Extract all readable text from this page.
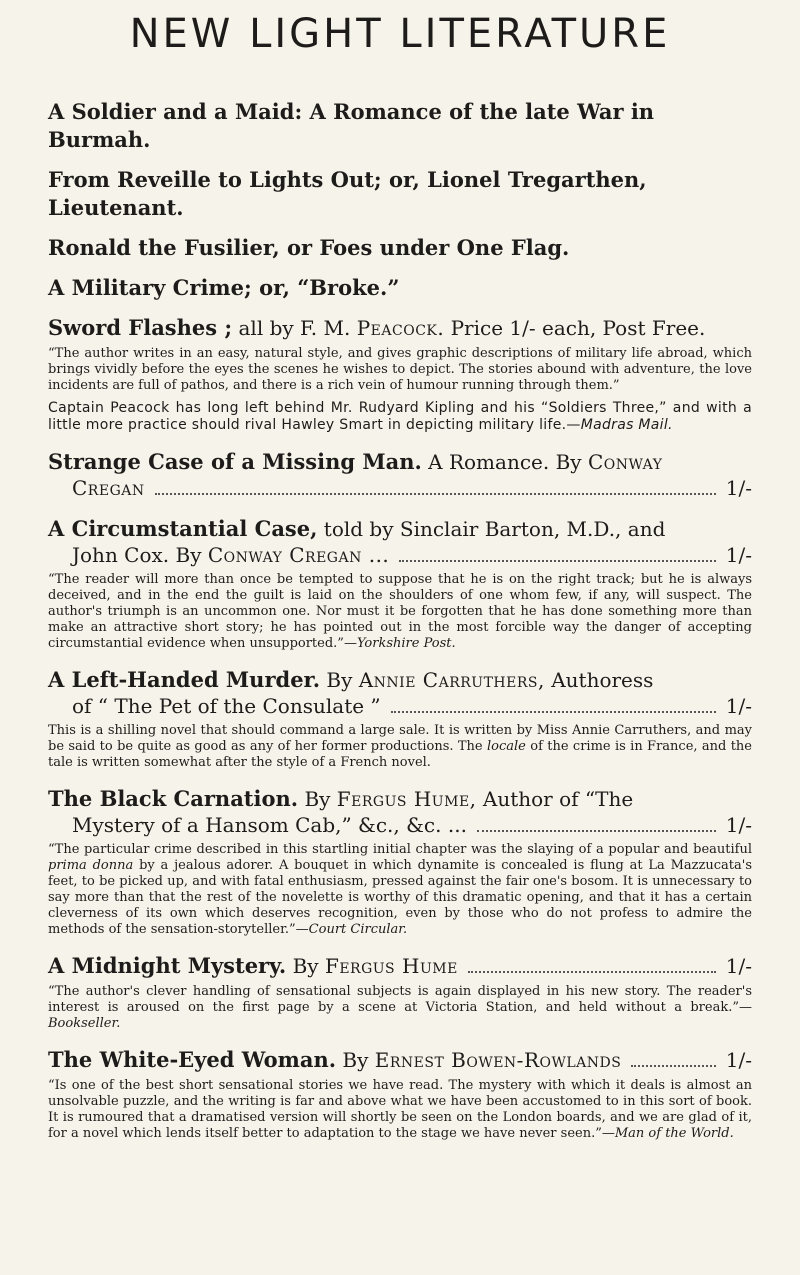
NEW LIGHT LITERATURE

A Soldier and a Maid: A Romance of the late War in Burmah.

From Reveille to Lights Out; or, Lionel Tregarthen, Lieutenant.

Ronald the Fusilier, or Foes under One Flag.

A Military Crime; or, “Broke.”

Sword Flashes ; all by F. M. Peacock. Price 1/- each, Post Free.

“The author writes in an easy, natural style, and gives graphic descriptions of military life abroad, which brings vividly before the eyes the scenes he wishes to depict. The stories abound with adventure, the love incidents are full of pathos, and there is a rich vein of humour running through them.”

Captain Peacock has long left behind Mr. Rudyard Kipling and his “Soldiers Three,” and with a little more practice should rival Hawley Smart in depicting military life.—Madras Mail.

Strange Case of a Missing Man. A Romance. By Conway
Cregan	1/-
A Circumstantial Case, told by Sinclair Barton, M.D., and
John Cox. By
Conway Cregan ...	1/-

“The reader will more than once be tempted to suppose that he is on the right track; but he is always deceived, and in the end the guilt is laid on the shoulders of one whom few, if any, will suspect. The author's triumph is an uncommon one. Nor must it be forgotten that he has done something more than make an attractive short story; he has pointed out in the most forcible way the danger of accepting circumstantial evidence when unsupported.”—Yorkshire Post.

A Left-Handed Murder. By Annie Carruthers, Authoress
of “ The Pet of the Consulate ”	1/-

This is a shilling novel that should command a large sale. It is written by Miss Annie Carruthers, and may be said to be quite as good as any of her former productions. The locale of the crime is in France, and the tale is written somewhat after the style of a French novel.

The Black Carnation. By Fergus Hume, Author of “The
Mystery of a Hansom Cab,” &c., &c. ...	1/-

“The particular crime described in this startling initial chapter was the slaying of a popular and beautiful prima donna by a jealous adorer. A bouquet in which dynamite is concealed is flung at La Mazzucata's feet, to be picked up, and with fatal enthusiasm, pressed against the fair one's bosom. It is unnecessary to say more than that the rest of the novelette is worthy of this dramatic opening, and that it has a certain cleverness of its own which deserves recognition, even by those who do not profess to admire the methods of the sensation-storyteller.”—Court Circular.

A Midnight Mystery.
By
Fergus Hume	1/-

“The author's clever handling of sensational subjects is again displayed in his new story. The reader's interest is aroused on the first page by a scene at Victoria Station, and held without a break.”—Bookseller.

The White-Eyed Woman.
By
Ernest Bowen-Rowlands	1/-

“Is one of the best short sensational stories we have read. The mystery with which it deals is almost an unsolvable puzzle, and the writing is far and above what we have been accustomed to in this sort of book. It is rumoured that a dramatised version will shortly be seen on the London boards, and we are glad of it, for a novel which lends itself better to adaptation to the stage we have never seen.”—Man of the World.
